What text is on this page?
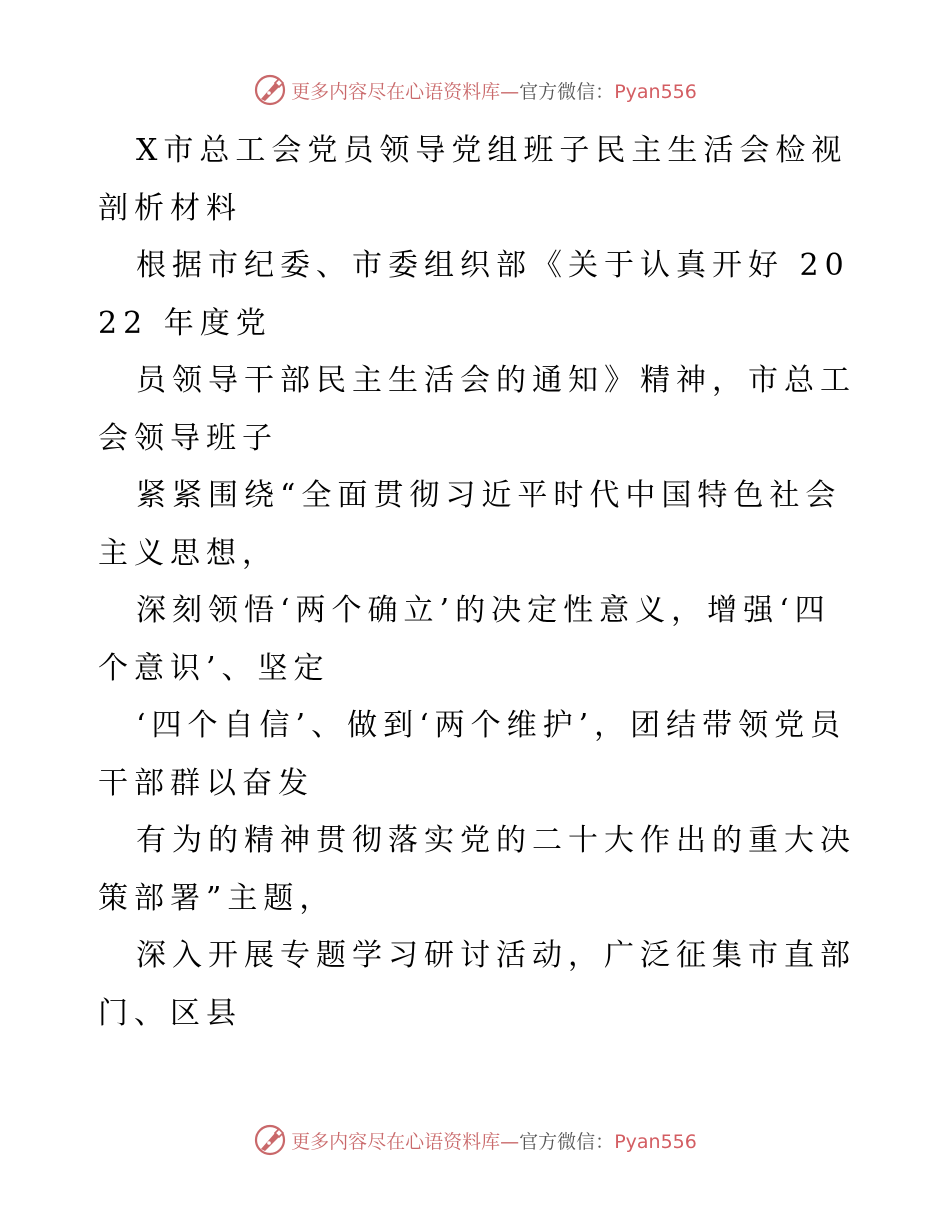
更多内容尽在心语资料库—官方微信：Pyan556

X市总工会党员领导党组班子民主生活会检视剖析材料

根据市纪委、市委组织部《关于认真开好 2022 年度党

员领导干部民主生活会的通知》精神，市总工会领导班子

紧紧围绕“全面贯彻习近平时代中国特色社会主义思想，

深刻领悟‘两个确立’的决定性意义，增强‘四个意识’、坚定

‘四个自信’、做到‘两个维护’，团结带领党员干部群以奋发

有为的精神贯彻落实党的二十大作出的重大决策部署”主题，

深入开展专题学习研讨活动，广泛征集市直部门、区县

更多内容尽在心语资料库—官方微信：Pyan556
